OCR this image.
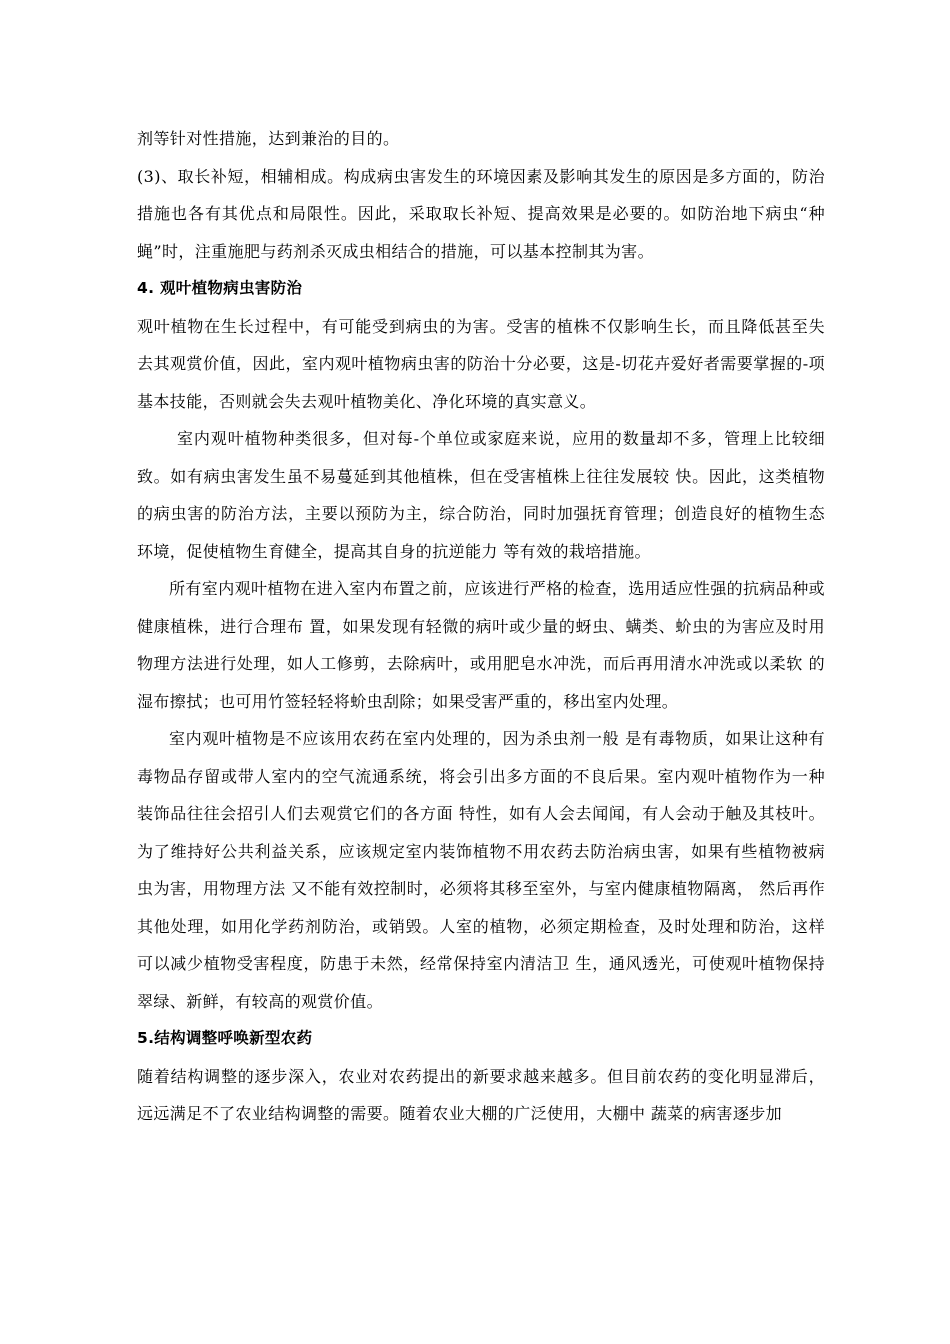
剂等针对性措施，达到兼治的目的。

(3)、取长补短，相辅相成。构成病虫害发生的环境因素及影响其发生的原因是多方面的，防治措施也各有其优点和局限性。因此，采取取长补短、提高效果是必要的。如防治地下病虫“种蝇”时，注重施肥与药剂杀灭成虫相结合的措施，可以基本控制其为害。

4. 观叶植物病虫害防治

观叶植物在生长过程中，有可能受到病虫的为害。受害的植株不仅影响生长，而且降低甚至失去其观赏价值，因此，室内观叶植物病虫害的防治十分必要，这是-切花卉爱好者需要掌握的-项基本技能，否则就会失去观叶植物美化、净化环境的真实意义。

室内观叶植物种类很多，但对每-个单位或家庭来说，应用的数量却不多，管理上比较细致。如有病虫害发生虽不易蔓延到其他植株，但在受害植株上往往发展较 快。因此，这类植物的病虫害的防治方法，主要以预防为主，综合防治，同时加强抚育管理；创造良好的植物生态环境，促使植物生育健全，提高其自身的抗逆能力 等有效的栽培措施。

所有室内观叶植物在进入室内布置之前，应该进行严格的检查，选用适应性强的抗病品种或健康植株，进行合理布 置，如果发现有轻微的病叶或少量的蚜虫、螨类、蚧虫的为害应及时用物理方法进行处理，如人工修剪，去除病叶，或用肥皂水冲洗，而后再用清水冲洗或以柔软 的湿布擦拭；也可用竹签轻轻将蚧虫刮除；如果受害严重的，移出室内处理。

室内观叶植物是不应该用农药在室内处理的，因为杀虫剂一般 是有毒物质，如果让这种有毒物品存留或带人室内的空气流通系统，将会引出多方面的不良后果。室内观叶植物作为一种装饰品往往会招引人们去观赏它们的各方面 特性，如有人会去闻闻，有人会动于触及其枝叶。为了维持好公共利益关系，应该规定室内装饰植物不用农药去防治病虫害，如果有些植物被病虫为害，用物理方法 又不能有效控制时，必须将其移至室外，与室内健康植物隔离， 然后再作其他处理，如用化学药剂防治，或销毁。人室的植物，必须定期检查，及时处理和防治，这样可以减少植物受害程度，防患于未然，经常保持室内清洁卫 生，通风透光，可使观叶植物保持翠绿、新鲜，有较高的观赏价值。

5.结构调整呼唤新型农药

随着结构调整的逐步深入，农业对农药提出的新要求越来越多。但目前农药的变化明显滞后，远远满足不了农业结构调整的需要。随着农业大棚的广泛使用，大棚中 蔬菜的病害逐步加
